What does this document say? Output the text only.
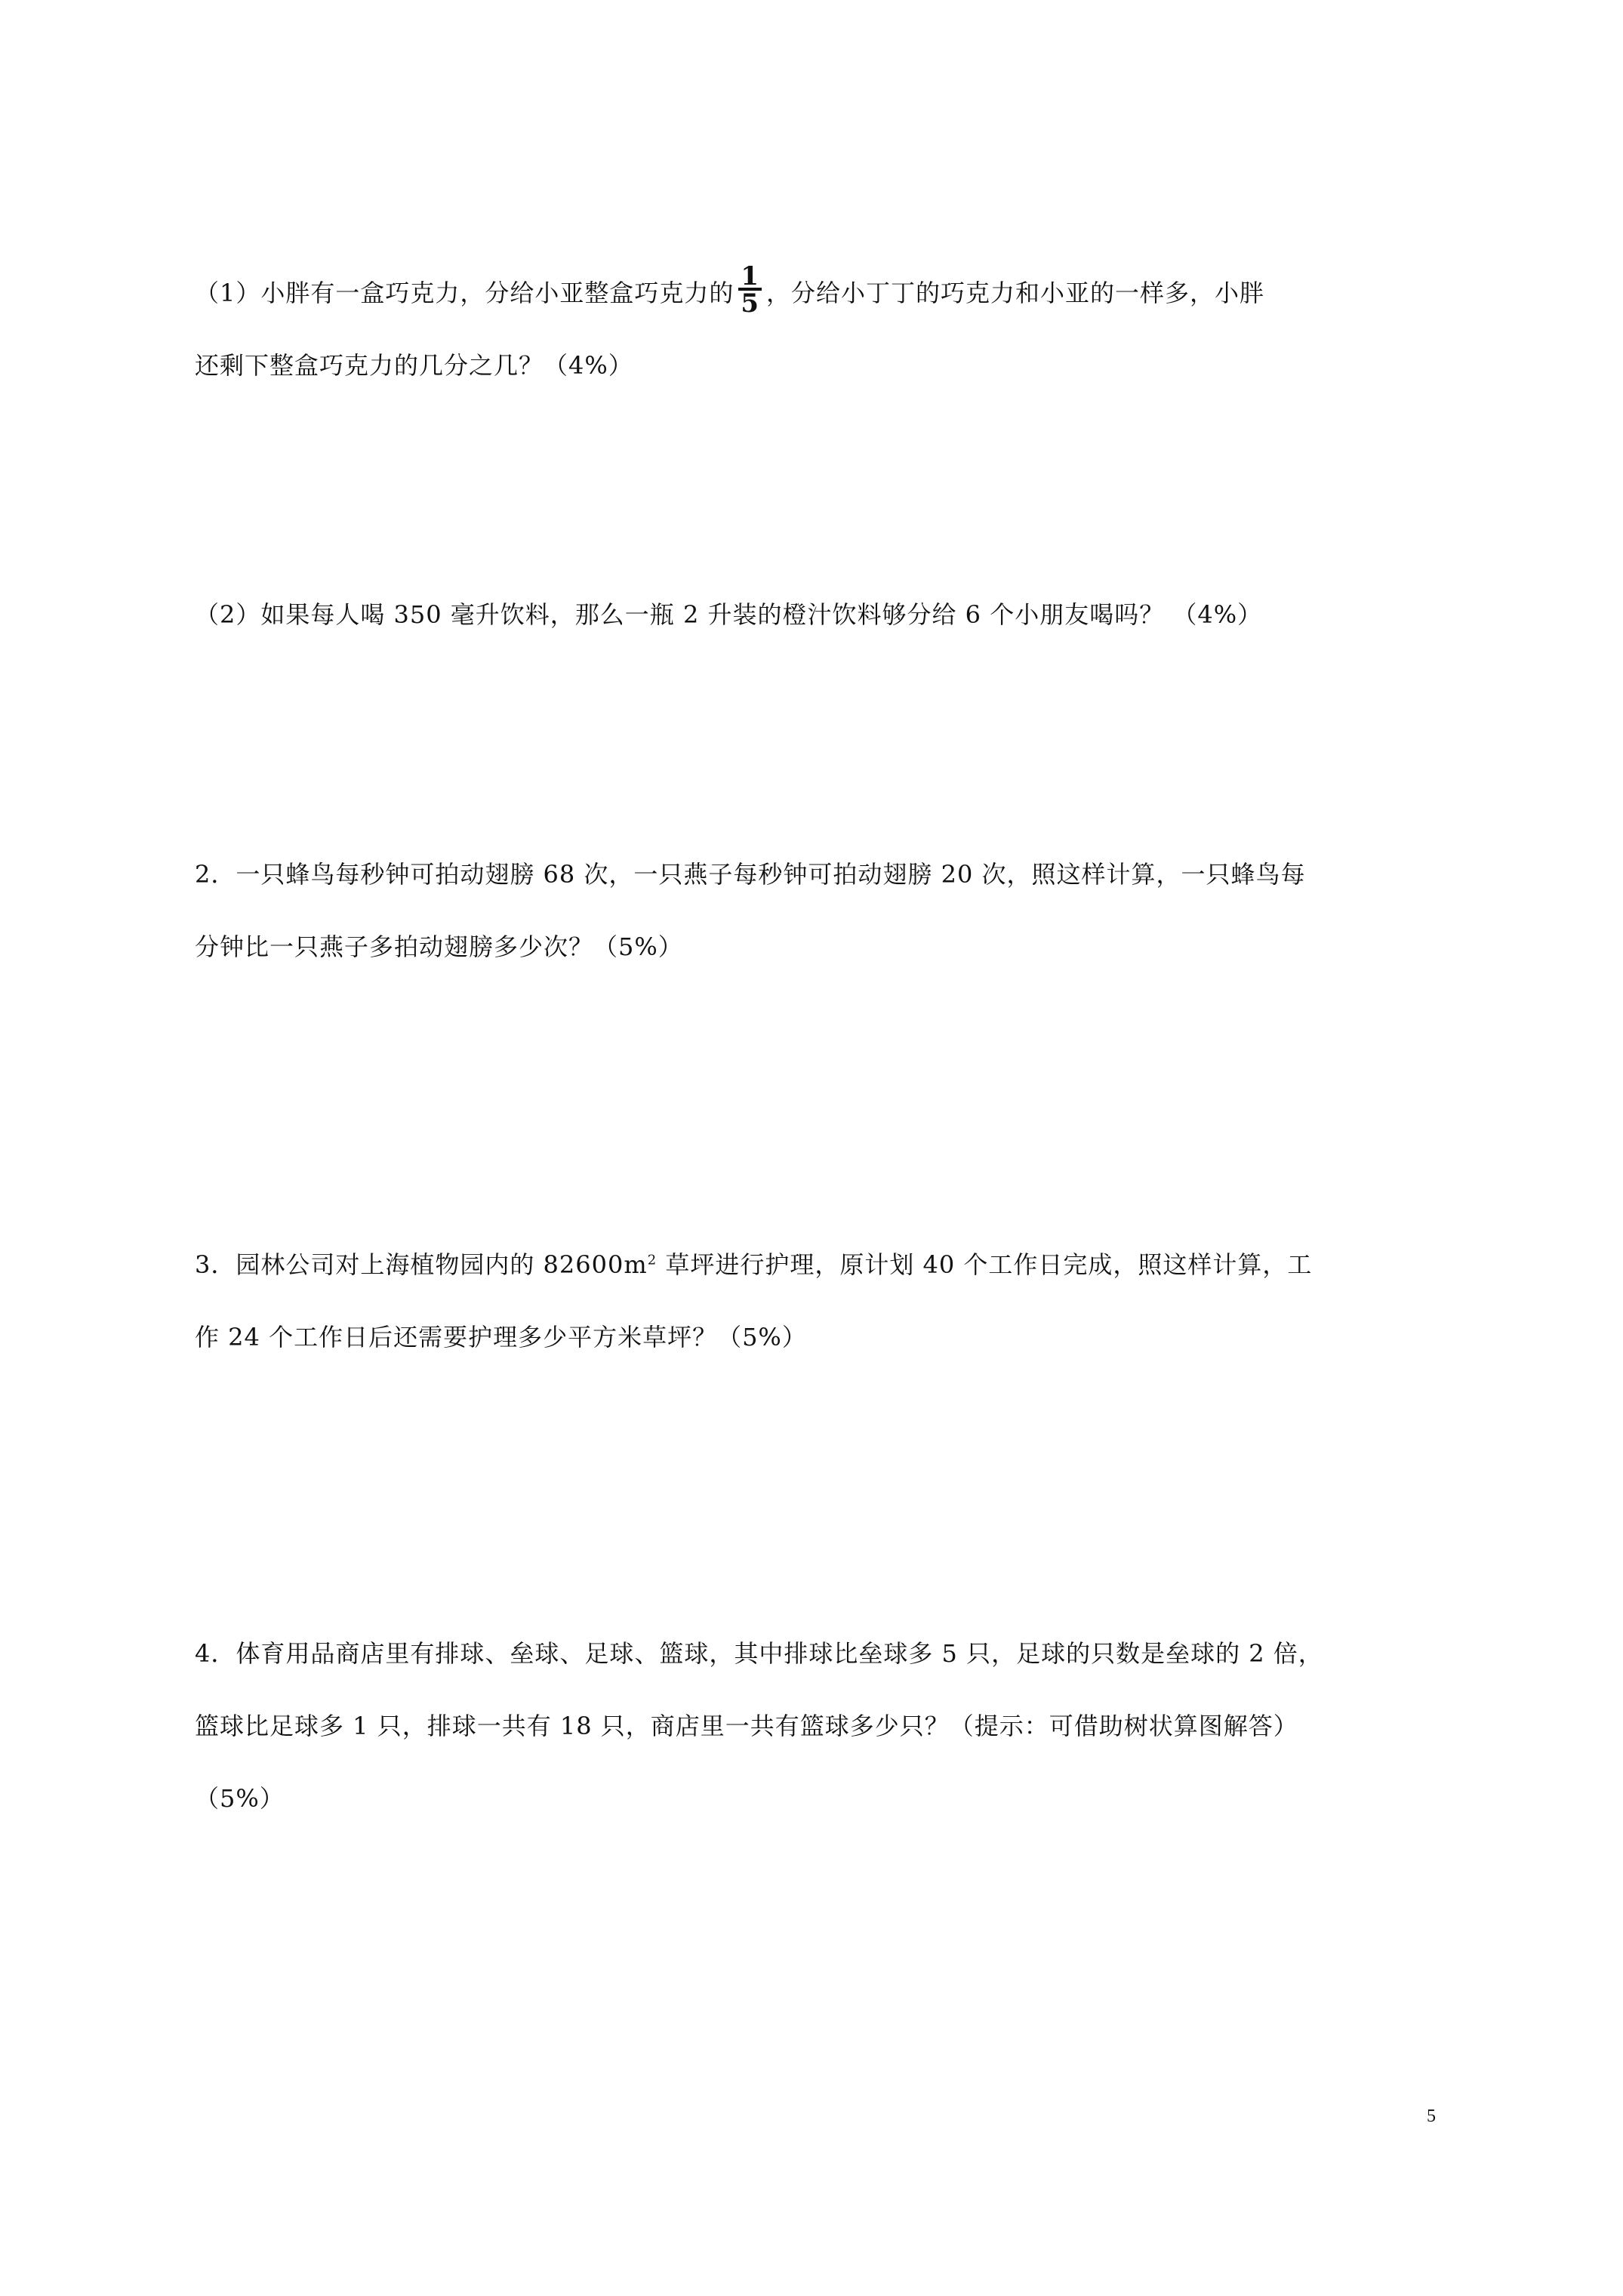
（1）小胖有一盒巧克力，分给小亚整盒巧克力的 $\frac{1}{5}$ ，分给小丁丁的巧克力和小亚的一样多，小胖

还剩下整盒巧克力的几分之几？（4%）

（2）如果每人喝 350 毫升饮料，那么一瓶 2 升装的橙汁饮料够分给 6 个小朋友喝吗？ （4%）

2．一只蜂鸟每秒钟可拍动翅膀 68 次，一只燕子每秒钟可拍动翅膀 20 次，照这样计算，一只蜂鸟每

分钟比一只燕子多拍动翅膀多少次？（5%）

3．园林公司对上海植物园内的 $82600m^2$ 草坪进行护理，原计划 40 个工作日完成，照这样计算，工

作 24 个工作日后还需要护理多少平方米草坪？（5%）

4．体育用品商店里有排球、垒球、足球、篮球，其中排球比垒球多 5 只，足球的只数是垒球的 2 倍，

篮球比足球多 1 只，排球一共有 18 只，商店里一共有篮球多少只？（提示：可借助树状算图解答）

（5%）

5
